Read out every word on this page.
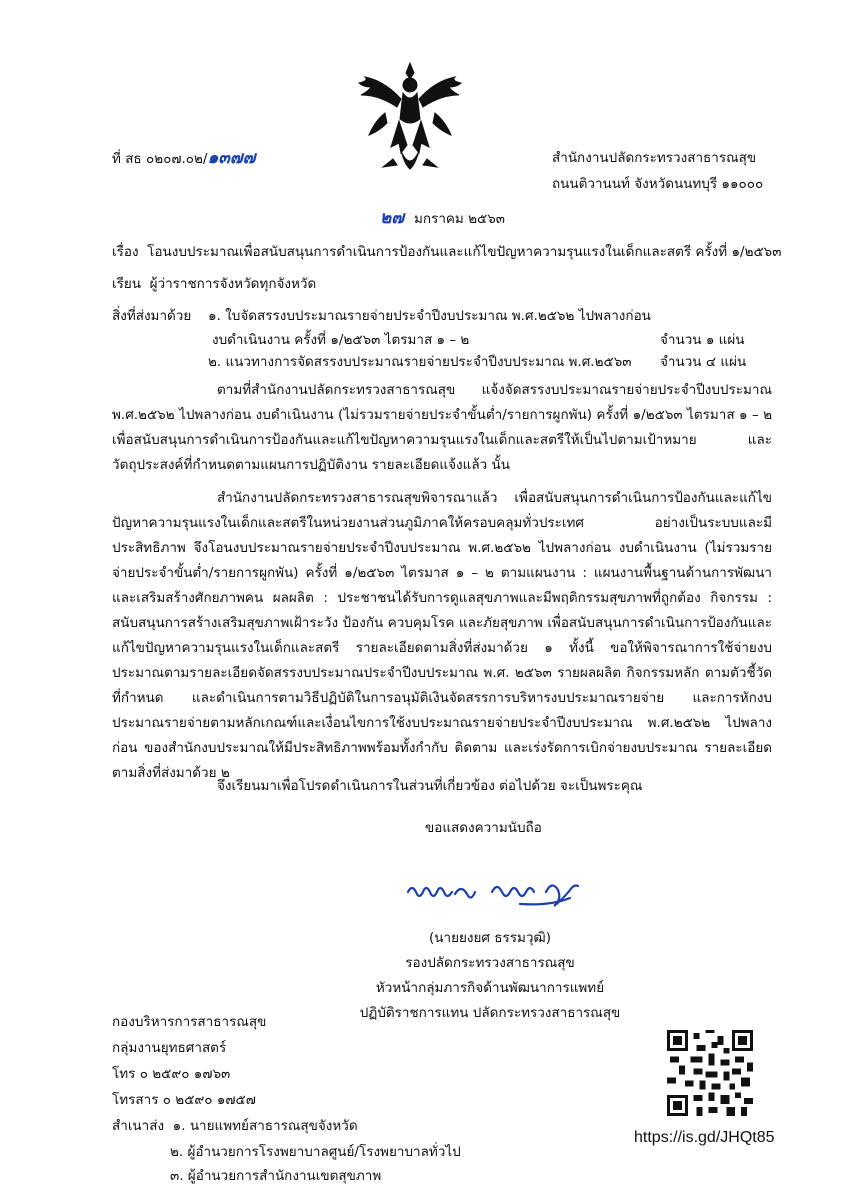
ที่ สธ ๐๒๐๗.๐๒/๑๓๗๗	สำนักงานปลัดกระทรวงสาธารณสุข
ถนนติวานนท์ จังหวัดนนทบุรี ๑๑๐๐๐
๒๗ มกราคม ๒๕๖๓
เรื่อง โอนงบประมาณเพื่อสนับสนุนการดำเนินการป้องกันและแก้ไขปัญหาความรุนแรงในเด็กและสตรี ครั้งที่ ๑/๒๕๖๓
เรียน ผู้ว่าราชการจังหวัดทุกจังหวัด
สิ่งที่ส่งมาด้วย ๑. ใบจัดสรรงบประมาณรายจ่ายประจำปีงบประมาณ พ.ศ.๒๕๖๒ ไปพลางก่อน
งบดำเนินงาน ครั้งที่ ๑/๒๕๖๓ ไตรมาส ๑ – ๒	จำนวน ๑ แผ่น
๒. แนวทางการจัดสรรงบประมาณรายจ่ายประจำปีงบประมาณ พ.ศ.๒๕๖๓ จำนวน ๔ แผ่น
ตามที่สำนักงานปลัดกระทรวงสาธารณสุข แจ้งจัดสรรงบประมาณรายจ่ายประจำปีงบประมาณ พ.ศ.๒๕๖๒ ไปพลางก่อน งบดำเนินงาน (ไม่รวมรายจ่ายประจำขั้นต่ำ/รายการผูกพัน) ครั้งที่ ๑/๒๕๖๓ ไตรมาส ๑ – ๒ เพื่อสนับสนุนการดำเนินการป้องกันและแก้ไขปัญหาความรุนแรงในเด็กและสตรีให้เป็นไปตามเป้าหมาย และวัตถุประสงค์ที่กำหนดตามแผนการปฏิบัติงาน รายละเอียดแจ้งแล้ว นั้น
สำนักงานปลัดกระทรวงสาธารณสุขพิจารณาแล้ว เพื่อสนับสนุนการดำเนินการป้องกันและแก้ไขปัญหาความรุนแรงในเด็กและสตรีในหน่วยงานส่วนภูมิภาคให้ครอบคลุมทั่วประเทศ อย่างเป็นระบบและมีประสิทธิภาพ จึงโอนงบประมาณรายจ่ายประจำปีงบประมาณ พ.ศ.๒๕๖๒ ไปพลางก่อน งบดำเนินงาน (ไม่รวมรายจ่ายประจำขั้นต่ำ/รายการผูกพัน) ครั้งที่ ๑/๒๕๖๓ ไตรมาส ๑ – ๒ ตามแผนงาน : แผนงานพื้นฐานด้านการพัฒนาและเสริมสร้างศักยภาพคน ผลผลิต : ประชาชนได้รับการดูแลสุขภาพและมีพฤติกรรมสุขภาพที่ถูกต้อง กิจกรรม : สนับสนุนการสร้างเสริมสุขภาพเฝ้าระวัง ป้องกัน ควบคุมโรค และภัยสุขภาพ เพื่อสนับสนุนการดำเนินการป้องกันและแก้ไขปัญหาความรุนแรงในเด็กและสตรี รายละเอียดตามสิ่งที่ส่งมาด้วย ๑ ทั้งนี้ ขอให้พิจารณาการใช้จ่ายงบประมาณตามรายละเอียดจัดสรรงบประมาณประจำปีงบประมาณ พ.ศ. ๒๕๖๓ รายผลผลิต กิจกรรมหลัก ตามตัวชี้วัดที่กำหนด และดำเนินการตามวิธีปฏิบัติในการอนุมัติเงินจัดสรรการบริหารงบประมาณรายจ่าย และการหักงบประมาณรายจ่ายตามหลักเกณฑ์และเงื่อนไขการใช้งบประมาณรายจ่ายประจำปีงบประมาณ พ.ศ.๒๕๖๒ ไปพลางก่อน ของสำนักงบประมาณให้มีประสิทธิภาพพร้อมทั้งกำกับ ติดตาม และเร่งรัดการเบิกจ่ายงบประมาณ รายละเอียดตามสิ่งที่ส่งมาด้วย ๒
จึงเรียนมาเพื่อโปรดดำเนินการในส่วนที่เกี่ยวข้อง ต่อไปด้วย จะเป็นพระคุณ
ขอแสดงความนับถือ
(นายยงยศ ธรรมวุฒิ)
รองปลัดกระทรวงสาธารณสุข
หัวหน้ากลุ่มภารกิจด้านพัฒนาการแพทย์
ปฏิบัติราชการแทน ปลัดกระทรวงสาธารณสุข
กองบริหารการสาธารณสุข
กลุ่มงานยุทธศาสตร์
โทร ๐ ๒๕๙๐ ๑๗๖๓
โทรสาร ๐ ๒๕๙๐ ๑๗๕๗
สำเนาส่ง ๑. นายแพทย์สาธารณสุขจังหวัด
๒. ผู้อำนวยการโรงพยาบาลศูนย์/โรงพยาบาลทั่วไป
๓. ผู้อำนวยการสำนักงานเขตสุขภาพ
https://is.gd/JHQt85
